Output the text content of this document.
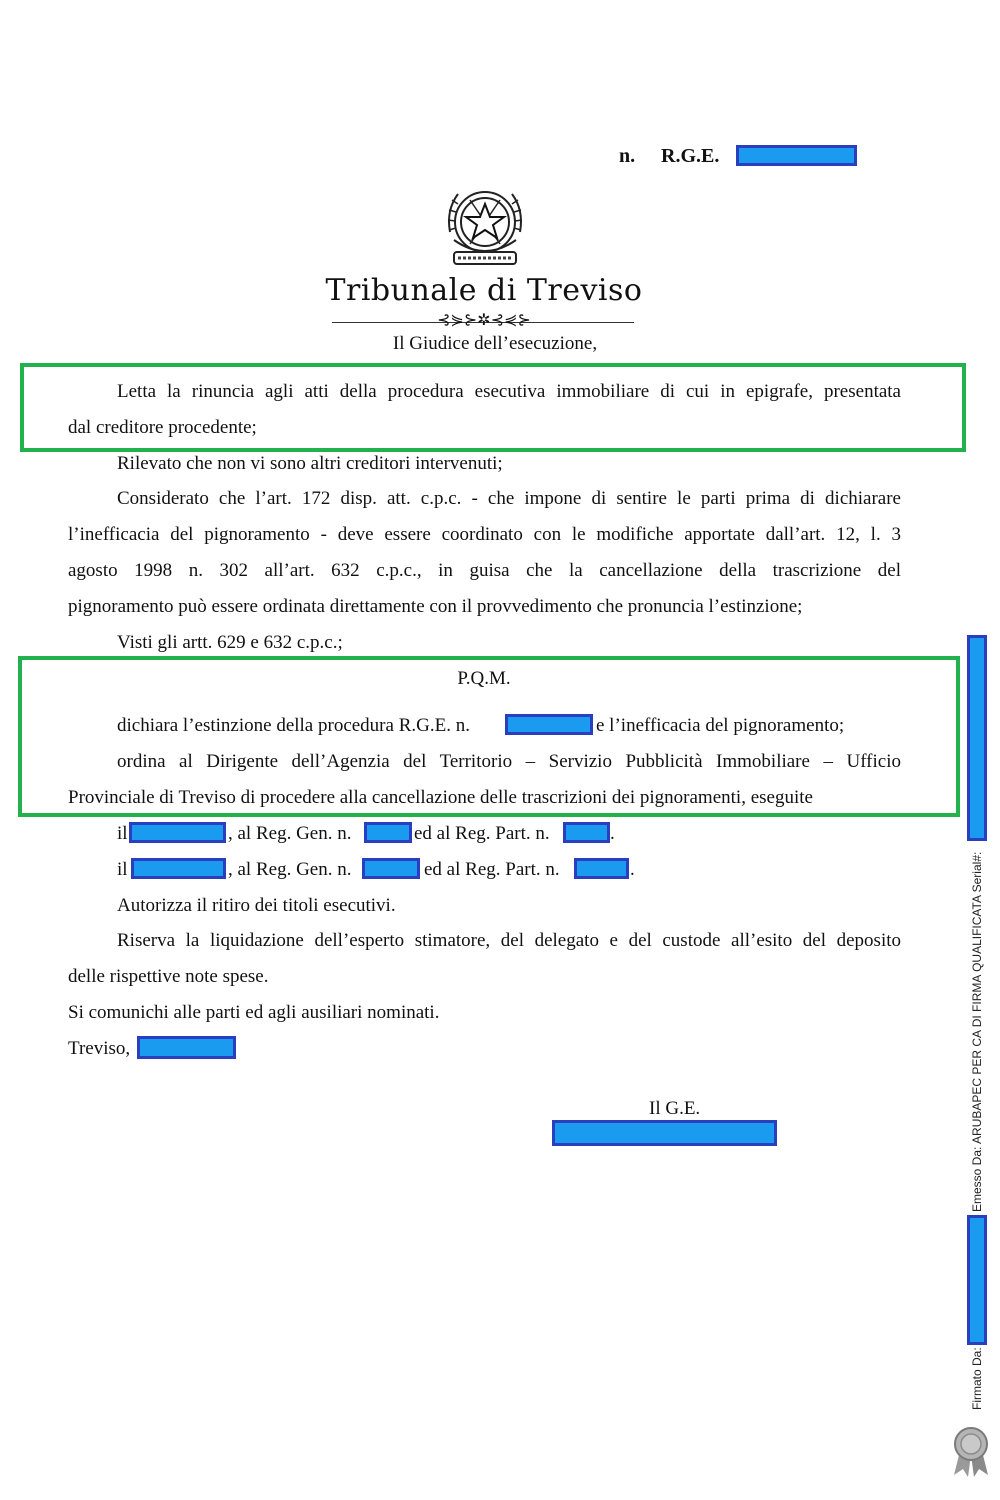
n. R.G.E.
Tribunale di Treviso
⊰⋟⊱✲⊰⋞⊱
Il Giudice dell’esecuzione,
Letta la rinuncia agli atti della procedura esecutiva immobiliare di cui in epigrafe, presentata
dal creditore procedente;
Rilevato che non vi sono altri creditori intervenuti;
Considerato che l’art. 172 disp. att. c.p.c. - che impone di sentire le parti prima di dichiarare
l’inefficacia del pignoramento - deve essere coordinato con le modifiche apportate dall’art. 12, l. 3
agosto 1998 n. 302 all’art. 632 c.p.c., in guisa che la cancellazione della trascrizione del
pignoramento può essere ordinata direttamente con il provvedimento che pronuncia l’estinzione;
Visti gli artt. 629 e 632 c.p.c.;
P.Q.M.
dichiara l’estinzione della procedura R.G.E. n.	e l’inefficacia del pignoramento;
ordina al Dirigente dell’Agenzia del Territorio – Servizio Pubblicità Immobiliare – Ufficio
Provinciale di Treviso di procedere alla cancellazione delle trascrizioni dei pignoramenti, eseguite
il	, al Reg. Gen. n.	ed al Reg. Part. n.	.
il	, al Reg. Gen. n.	ed al Reg. Part. n.	.
Autorizza il ritiro dei titoli esecutivi.
Riserva la liquidazione dell’esperto stimatore, del delegato e del custode all’esito del deposito
delle rispettive note spese.
Si comunichi alle parti ed agli ausiliari nominati.
Treviso,
Il G.E.	Emesso Da: ARUBAPEC PER CA DI FIRMA QUALIFICATA Serial#:
Firmato Da:
